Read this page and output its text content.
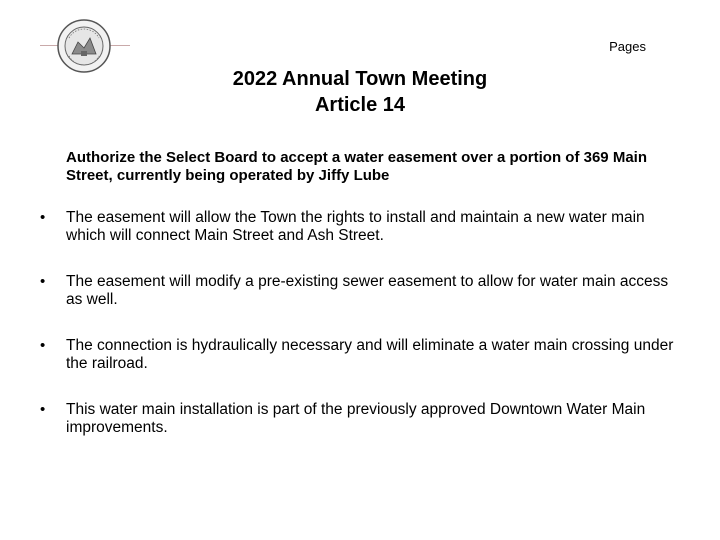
Pages
2022 Annual Town Meeting
Article 14
Authorize the Select Board to accept a water easement over a portion of 369 Main Street, currently being operated by Jiffy Lube
• The easement will allow the Town the rights to install and maintain a new water main which will connect Main Street and Ash Street.
• The easement will modify a pre-existing sewer easement to allow for water main access as well.
• The connection is hydraulically necessary and will eliminate a water main crossing under the railroad.
• This water main installation is part of the previously approved Downtown Water Main improvements.
